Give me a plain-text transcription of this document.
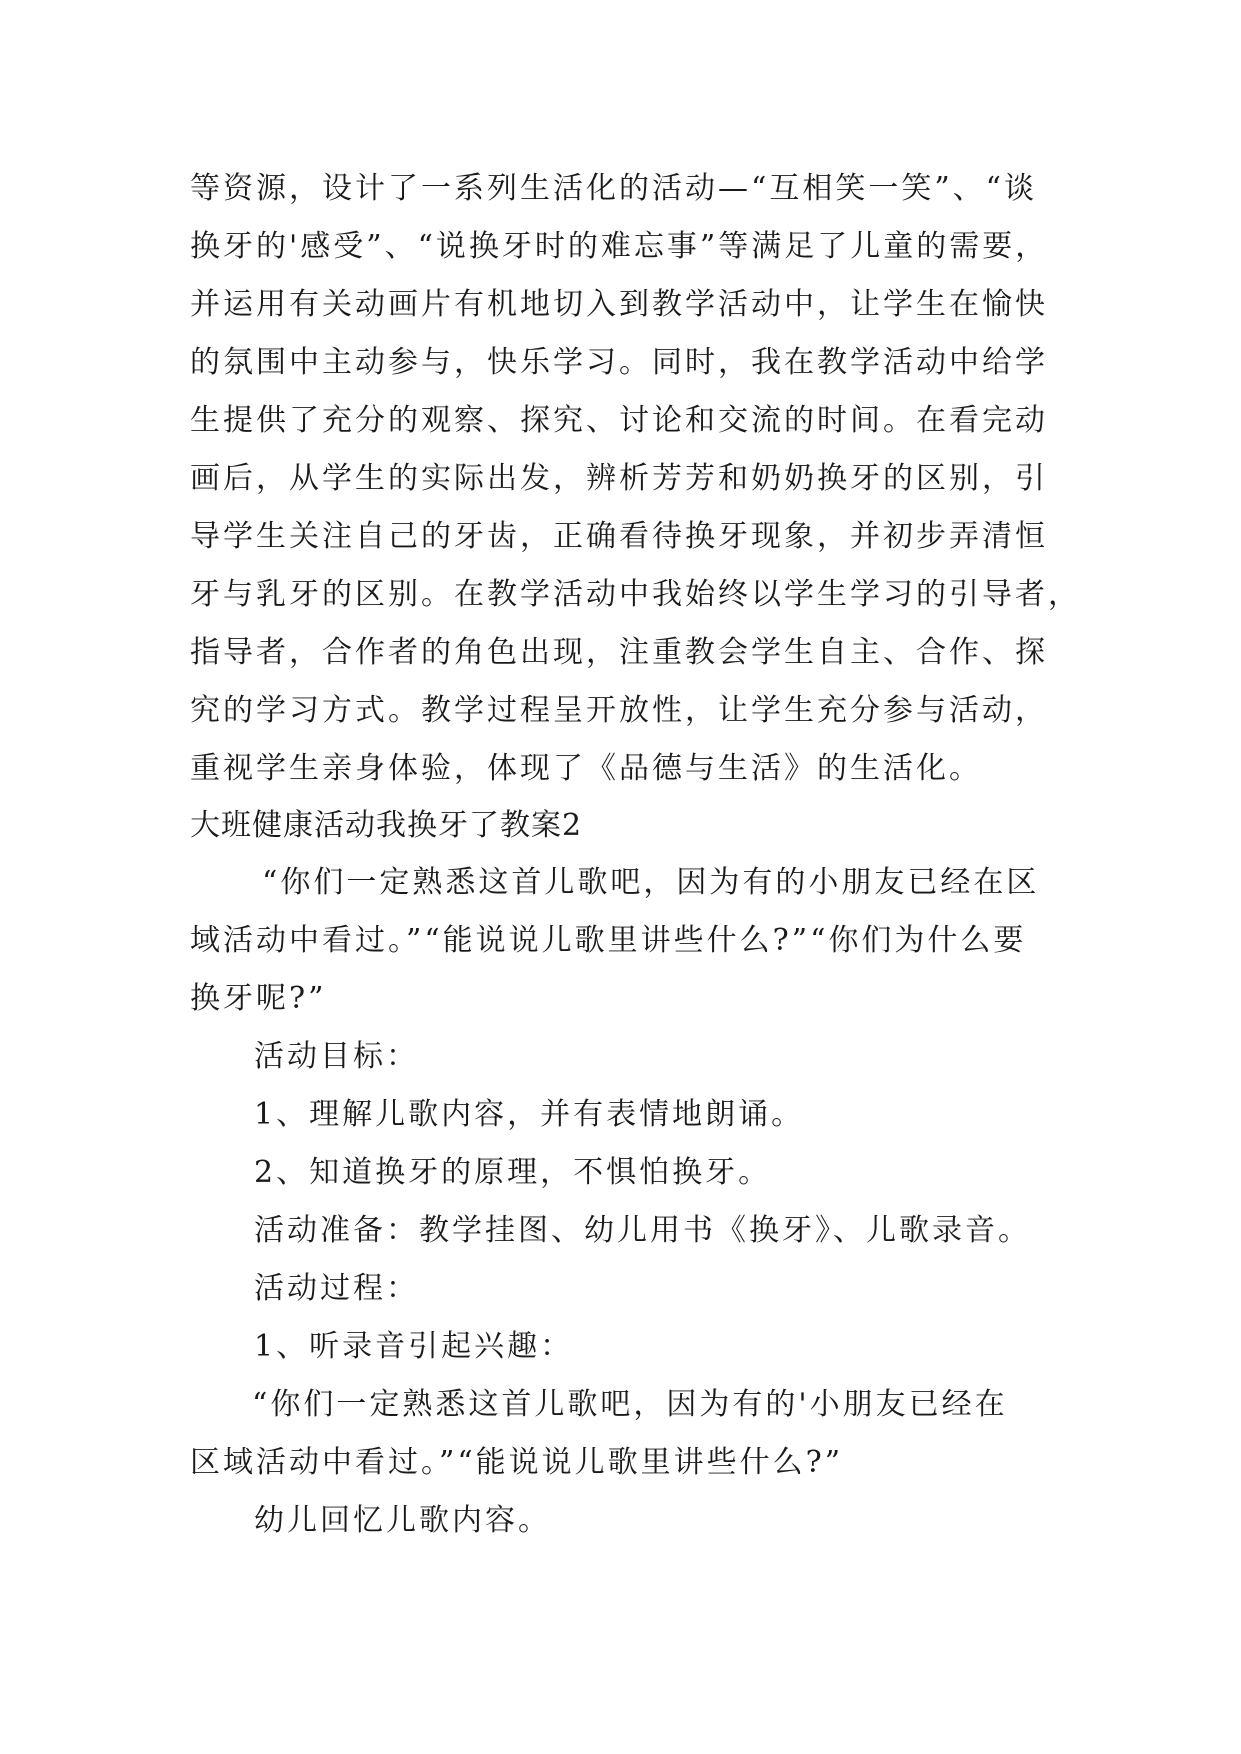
等资源，设计了一系列生活化的活动—“互相笑一笑”、“谈
换牙的'感受”、“说换牙时的难忘事”等满足了儿童的需要，
并运用有关动画片有机地切入到教学活动中，让学生在愉快
的氛围中主动参与，快乐学习。同时，我在教学活动中给学
生提供了充分的观察、探究、讨论和交流的时间。在看完动
画后，从学生的实际出发，辨析芳芳和奶奶换牙的区别，引
导学生关注自己的牙齿，正确看待换牙现象，并初步弄清恒
牙与乳牙的区别。在教学活动中我始终以学生学习的引导者，
指导者，合作者的角色出现，注重教会学生自主、合作、探
究的学习方式。教学过程呈开放性，让学生充分参与活动，
重视学生亲身体验，体现了《品德与生活》的生活化。
大班健康活动我换牙了教案2
“你们一定熟悉这首儿歌吧，因为有的小朋友已经在区
域活动中看过。”“能说说儿歌里讲些什么?”“你们为什么要
换牙呢?”
活动目标：
1、理解儿歌内容，并有表情地朗诵。
2、知道换牙的原理，不惧怕换牙。
活动准备：教学挂图、幼儿用书《换牙》、儿歌录音。
活动过程：
1、听录音引起兴趣：
“你们一定熟悉这首儿歌吧，因为有的'小朋友已经在
区域活动中看过。”“能说说儿歌里讲些什么?”
幼儿回忆儿歌内容。
